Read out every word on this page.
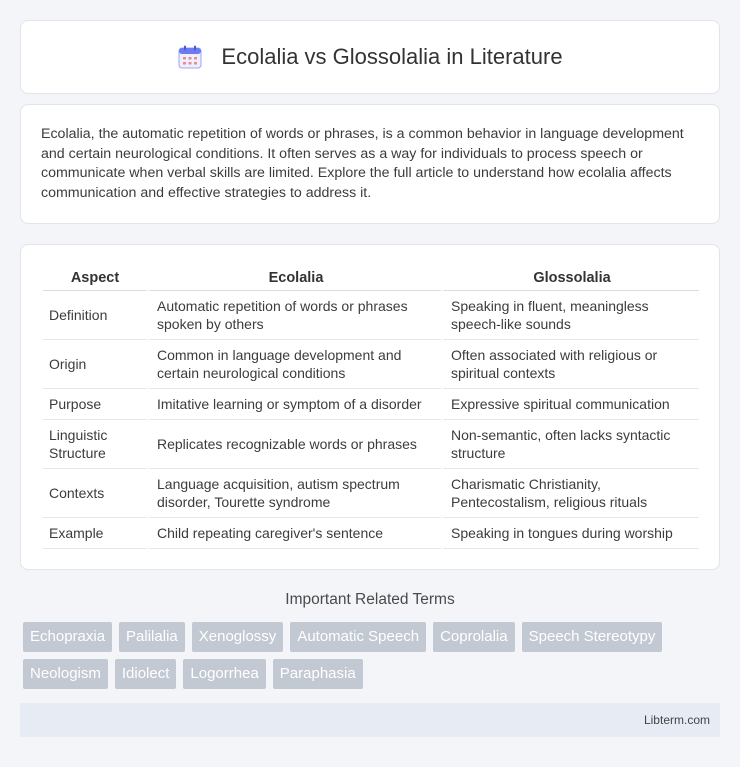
Ecolalia vs Glossolalia in Literature

Ecolalia, the automatic repetition of words or phrases, is a common behavior in language development and certain neurological conditions. It often serves as a way for individuals to process speech or communicate when verbal skills are limited. Explore the full article to understand how ecolalia affects communication and effective strategies to address it.

Aspect	Ecolalia	Glossolalia
Definition	Automatic repetition of words or phrases spoken by others	Speaking in fluent, meaningless speech-like sounds
Origin	Common in language development and certain neurological conditions	Often associated with religious or spiritual contexts
Purpose	Imitative learning or symptom of a disorder	Expressive spiritual communication
Linguistic Structure	Replicates recognizable words or phrases	Non-semantic, often lacks syntactic structure
Contexts	Language acquisition, autism spectrum disorder, Tourette syndrome	Charismatic Christianity, Pentecostalism, religious rituals
Example	Child repeating caregiver's sentence	Speaking in tongues during worship
Important Related Terms
Echopraxia	Palilalia	Xenoglossy	Automatic Speech	Coprolalia	Speech Stereotypy
Neologism	Idiolect	Logorrhea	Paraphasia
Libterm.com
